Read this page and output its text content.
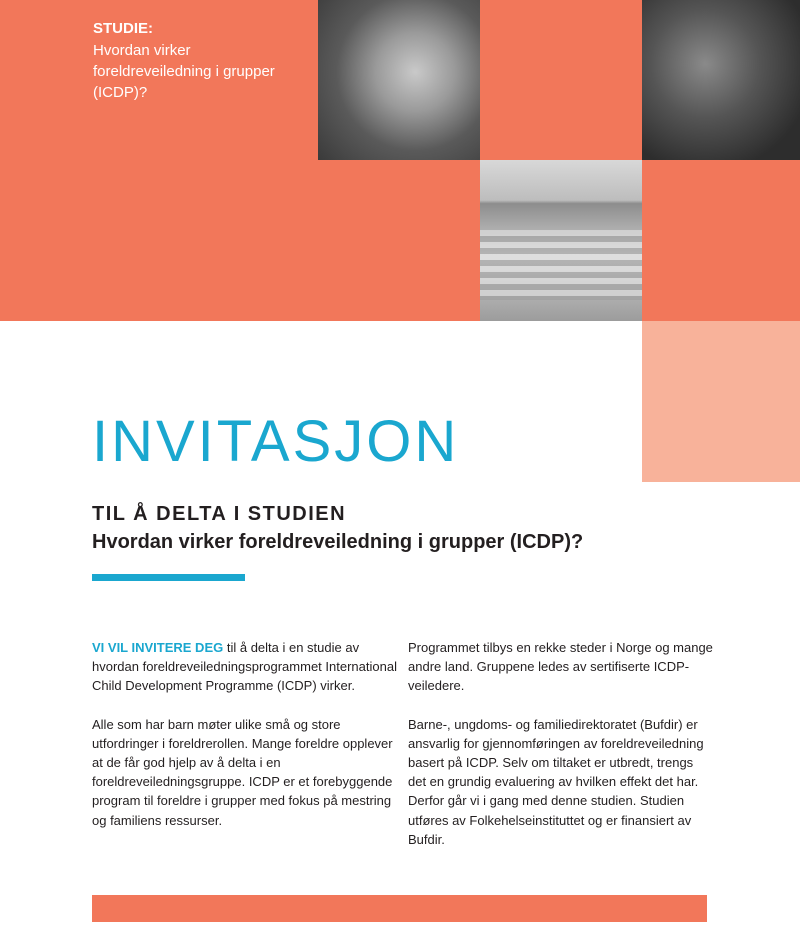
STUDIE:
Hvordan virker
foreldreveiledning i grupper
(ICDP)?
INVITASJON
TIL Å DELTA I STUDIEN
Hvordan virker foreldreveiledning i grupper (ICDP)?

VI VIL INVITERE DEG til å delta i en studie av hvordan foreldreveiledningsprogrammet International Child Development Programme (ICDP) virker.

Alle som har barn møter ulike små og store utfordringer i foreldrerollen. Mange foreldre opplever at de får god hjelp av å delta i en foreldreveiledningsgruppe. ICDP er et forebyggende program til foreldre i grupper med fokus på mestring og familiens ressurser.

Programmet tilbys en rekke steder i Norge og mange andre land. Gruppene ledes av sertifiserte ICDP-veiledere.

Barne-, ungdoms- og familiedirektoratet (Bufdir) er ansvarlig for gjennomføringen av foreldreveiledning basert på ICDP. Selv om tiltaket er utbredt, trengs det en grundig evaluering av hvilken effekt det har. Derfor går vi i gang med denne studien. Studien utføres av Folkehelseinstituttet og er finansiert av Bufdir.
